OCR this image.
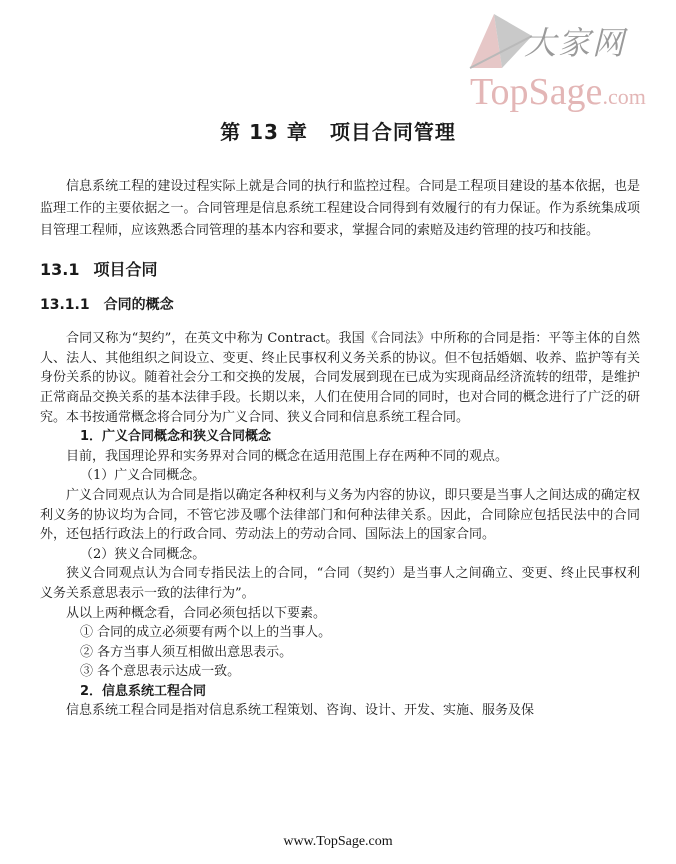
大家网
TopSage.com
第 13 章 项目合同管理

信息系统工程的建设过程实际上就是合同的执行和监控过程。合同是工程项目建设的基本依据，也是监理工作的主要依据之一。合同管理是信息系统工程建设合同得到有效履行的有力保证。作为系统集成项目管理工程师，应该熟悉合同管理的基本内容和要求，掌握合同的索赔及违约管理的技巧和技能。

13.1 项目合同
13.1.1 合同的概念

合同又称为“契约”，在英文中称为 Contract。我国《合同法》中所称的合同是指：平等主体的自然人、法人、其他组织之间设立、变更、终止民事权利义务关系的协议。但不包括婚姻、收养、监护等有关身份关系的协议。随着社会分工和交换的发展，合同发展到现在已成为实现商品经济流转的纽带，是维护正常商品交换关系的基本法律手段。长期以来，人们在使用合同的同时，也对合同的概念进行了广泛的研究。本书按通常概念将合同分为广义合同、狭义合同和信息系统工程合同。

1．广义合同概念和狭义合同概念

目前，我国理论界和实务界对合同的概念在适用范围上存在两种不同的观点。

（1）广义合同概念。

广义合同观点认为合同是指以确定各种权利与义务为内容的协议，即只要是当事人之间达成的确定权利义务的协议均为合同，不管它涉及哪个法律部门和何种法律关系。因此，合同除应包括民法中的合同外，还包括行政法上的行政合同、劳动法上的劳动合同、国际法上的国家合同。

（2）狭义合同概念。

狭义合同观点认为合同专指民法上的合同，“合同（契约）是当事人之间确立、变更、终止民事权利义务关系意思表示一致的法律行为”。

从以上两种概念看，合同必须包括以下要素。

① 合同的成立必须要有两个以上的当事人。

② 各方当事人须互相做出意思表示。

③ 各个意思表示达成一致。

2．信息系统工程合同

信息系统工程合同是指对信息系统工程策划、咨询、设计、开发、实施、服务及保

www.TopSage.com
